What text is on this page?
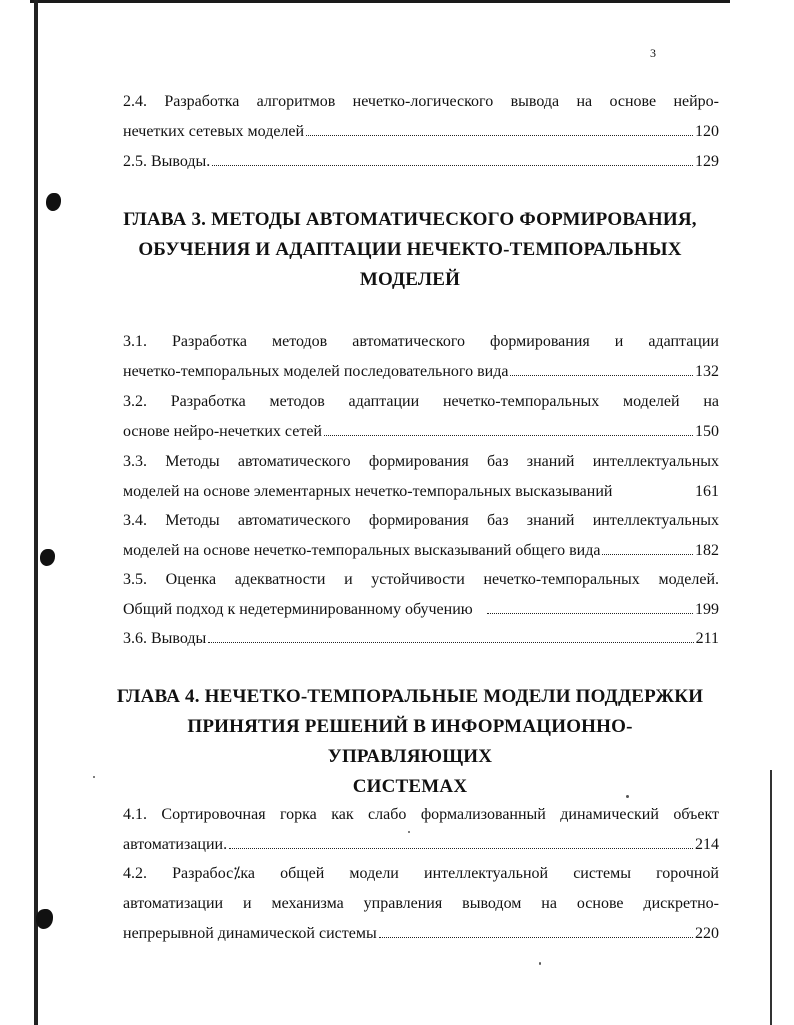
3
2.4. Разработка алгоритмов нечетко-логического вывода на основе нейро-
нечетких сетевых моделей	120
2.5. Выводы.	129
ГЛАВА 3. МЕТОДЫ АВТОМАТИЧЕСКОГО ФОРМИРОВАНИЯ,
ОБУЧЕНИЯ И АДАПТАЦИИ НЕЧЕКТО-ТЕМПОРАЛЬНЫХ
МОДЕЛЕЙ
3.1. Разработка методов автоматического формирования и адаптации
нечетко-темпоральных моделей последовательного вида	132
3.2. Разработка методов адаптации нечетко-темпоральных моделей на
основе нейро-нечетких сетей	150
3.3. Методы автоматического формирования баз знаний интеллектуальных
моделей на основе элементарных нечетко-темпоральных высказываний	161
3.4. Методы автоматического формирования баз знаний интеллектуальных
моделей на основе нечетко-темпоральных высказываний общего вида	182
3.5. Оценка адекватности и устойчивости нечетко-темпоральных моделей.
Общий подход к недетерминированному обучению	199
3.6. Выводы	211
ГЛАВА 4. НЕЧЕТКО-ТЕМПОРАЛЬНЫЕ МОДЕЛИ ПОДДЕРЖКИ
ПРИНЯТИЯ РЕШЕНИЙ В ИНФОРМАЦИОННО-УПРАВЛЯЮЩИХ
СИСТЕМАХ
4.1. Сортировочная горка как слабо формализованный динамический объект
автоматизации.	214
4.2. Разрабос⁒ка общей модели интеллектуальной системы горочной
автоматизации и механизма управления выводом на основе дискретно-
непрерывной динамической системы	220
